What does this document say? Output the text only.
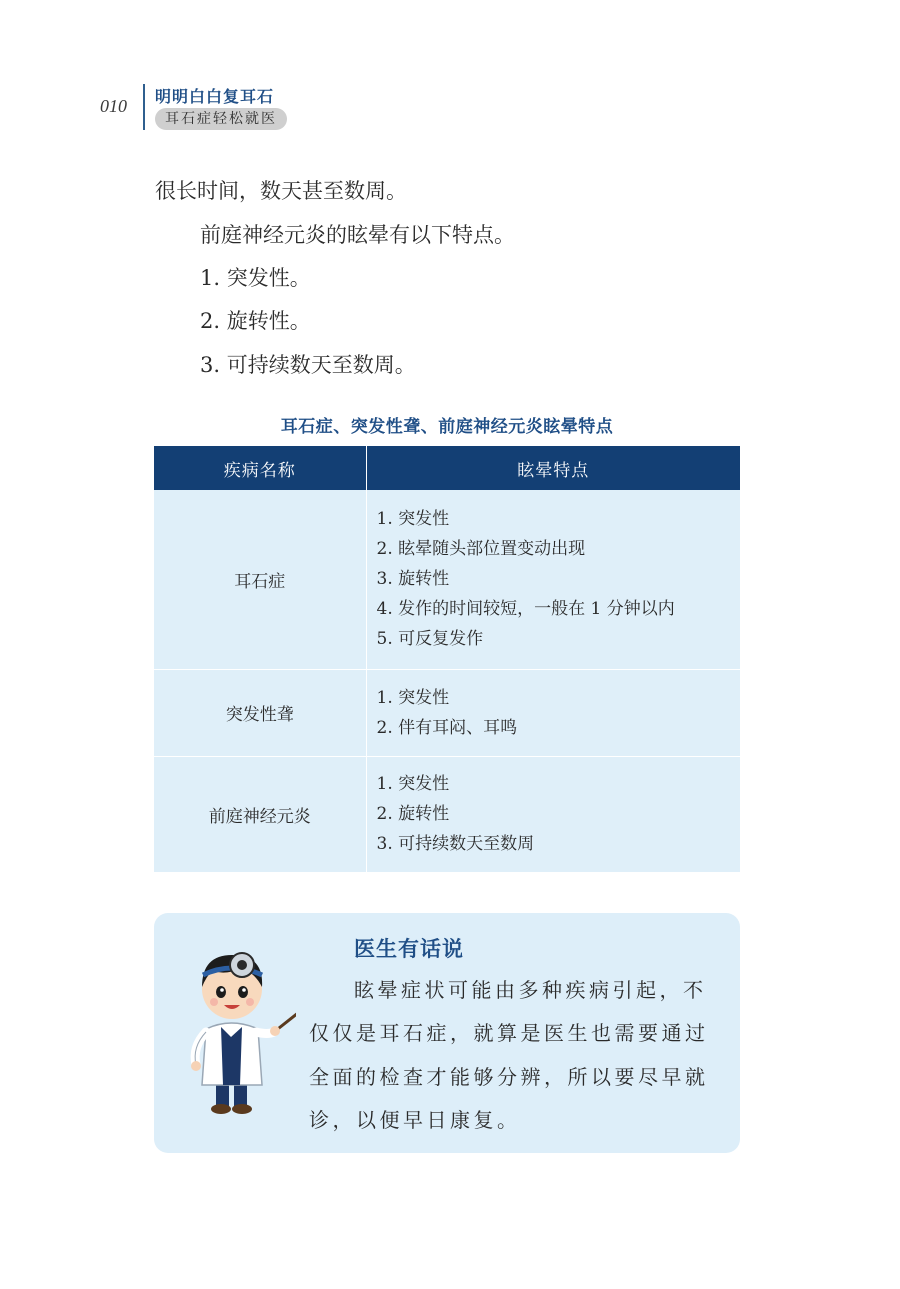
010	明明白白复耳石
耳石症轻松就医
很长时间，数天甚至数周。
前庭神经元炎的眩晕有以下特点。
1. 突发性。
2. 旋转性。
3. 可持续数天至数周。
耳石症、突发性聋、前庭神经元炎眩晕特点
疾病名称	眩晕特点
耳石症	1. 突发性
2. 眩晕随头部位置变动出现
3. 旋转性
4. 发作的时间较短，一般在 1 分钟以内
5. 可反复发作

突发性聋	1. 突发性
2. 伴有耳闷、耳鸣

前庭神经元炎	1. 突发性
2. 旋转性
3. 可持续数天至数周
医生有话说
眩晕症状可能由多种疾病引起，不
仅仅是耳石症，就算是医生也需要通过
全面的检查才能够分辨，所以要尽早就
诊，以便早日康复。
